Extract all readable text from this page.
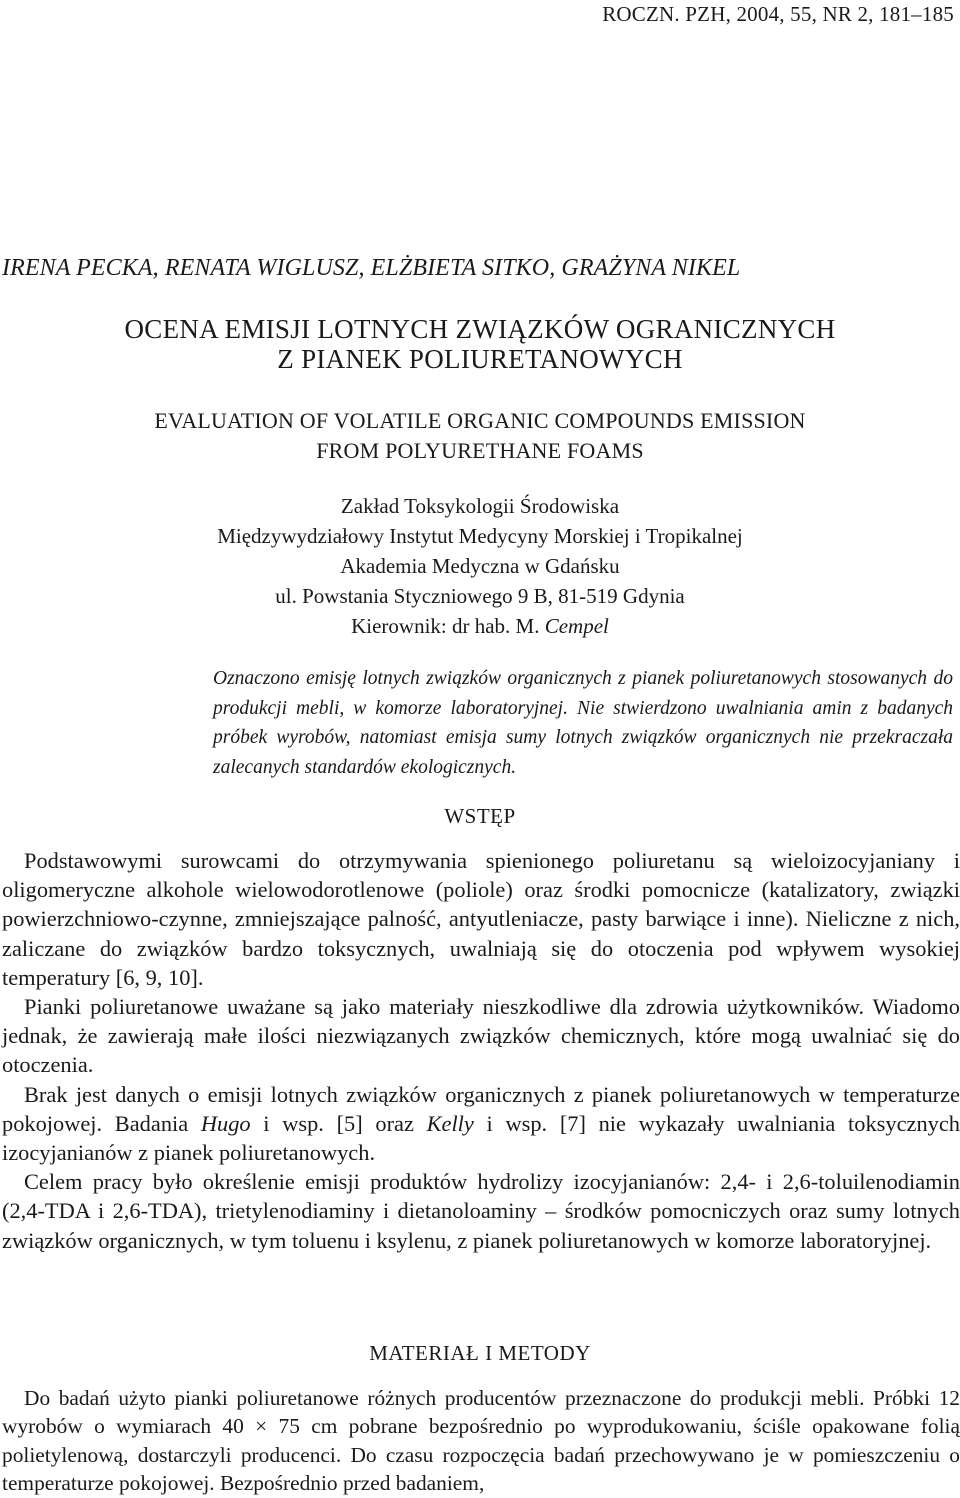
ROCZN. PZH, 2004, 55, NR 2, 181–185
IRENA PECKA, RENATA WIGLUSZ, ELŻBIETA SITKO, GRAŻYNA NIKEL
OCENA EMISJI LOTNYCH ZWIĄZKÓW OGRANICZNYCH
Z PIANEK POLIURETANOWYCH
EVALUATION OF VOLATILE ORGANIC COMPOUNDS EMISSION
FROM POLYURETHANE FOAMS
Zakład Toksykologii Środowiska
Międzywydziałowy Instytut Medycyny Morskiej i Tropikalnej
Akademia Medyczna w Gdańsku
ul. Powstania Styczniowego 9 B, 81-519 Gdynia
Kierownik: dr hab. M. Cempel
Oznaczono emisję lotnych związków organicznych z pianek poliuretanowych stosowanych do produkcji mebli, w komorze laboratoryjnej. Nie stwierdzono uwalniania amin z badanych próbek wyrobów, natomiast emisja sumy lotnych związków organicznych nie przekraczała zalecanych standardów ekologicznych.
WSTĘP

Podstawowymi surowcami do otrzymywania spienionego poliuretanu są wieloizocyjaniany i oligomeryczne alkohole wielowodorotlenowe (poliole) oraz środki pomocnicze (katalizatory, związki powierzchniowo-czynne, zmniejszające palność, antyutleniacze, pasty barwiące i inne). Nieliczne z nich, zaliczane do związków bardzo toksycznych, uwalniają się do otoczenia pod wpływem wysokiej temperatury [6, 9, 10].

Pianki poliuretanowe uważane są jako materiały nieszkodliwe dla zdrowia użytkowników. Wiadomo jednak, że zawierają małe ilości niezwiązanych związków chemicznych, które mogą uwalniać się do otoczenia.

Brak jest danych o emisji lotnych związków organicznych z pianek poliuretanowych w temperaturze pokojowej. Badania Hugo i wsp. [5] oraz Kelly i wsp. [7] nie wykazały uwalniania toksycznych izocyjanianów z pianek poliuretanowych.

Celem pracy było określenie emisji produktów hydrolizy izocyjanianów: 2,4- i 2,6-toluilenodiamin (2,4-TDA i 2,6-TDA), trietylenodiaminy i dietanoloaminy – środków pomocniczych oraz sumy lotnych związków organicznych, w tym toluenu i ksylenu, z pianek poliuretanowych w komorze laboratoryjnej.

MATERIAŁ I METODY

Do badań użyto pianki poliuretanowe różnych producentów przeznaczone do produkcji mebli. Próbki 12 wyrobów o wymiarach 40 × 75 cm pobrane bezpośrednio po wyprodukowaniu, ściśle opakowane folią polietylenową, dostarczyli producenci. Do czasu rozpoczęcia badań przechowywano je w pomieszczeniu o temperaturze pokojowej. Bezpośrednio przed badaniem,
